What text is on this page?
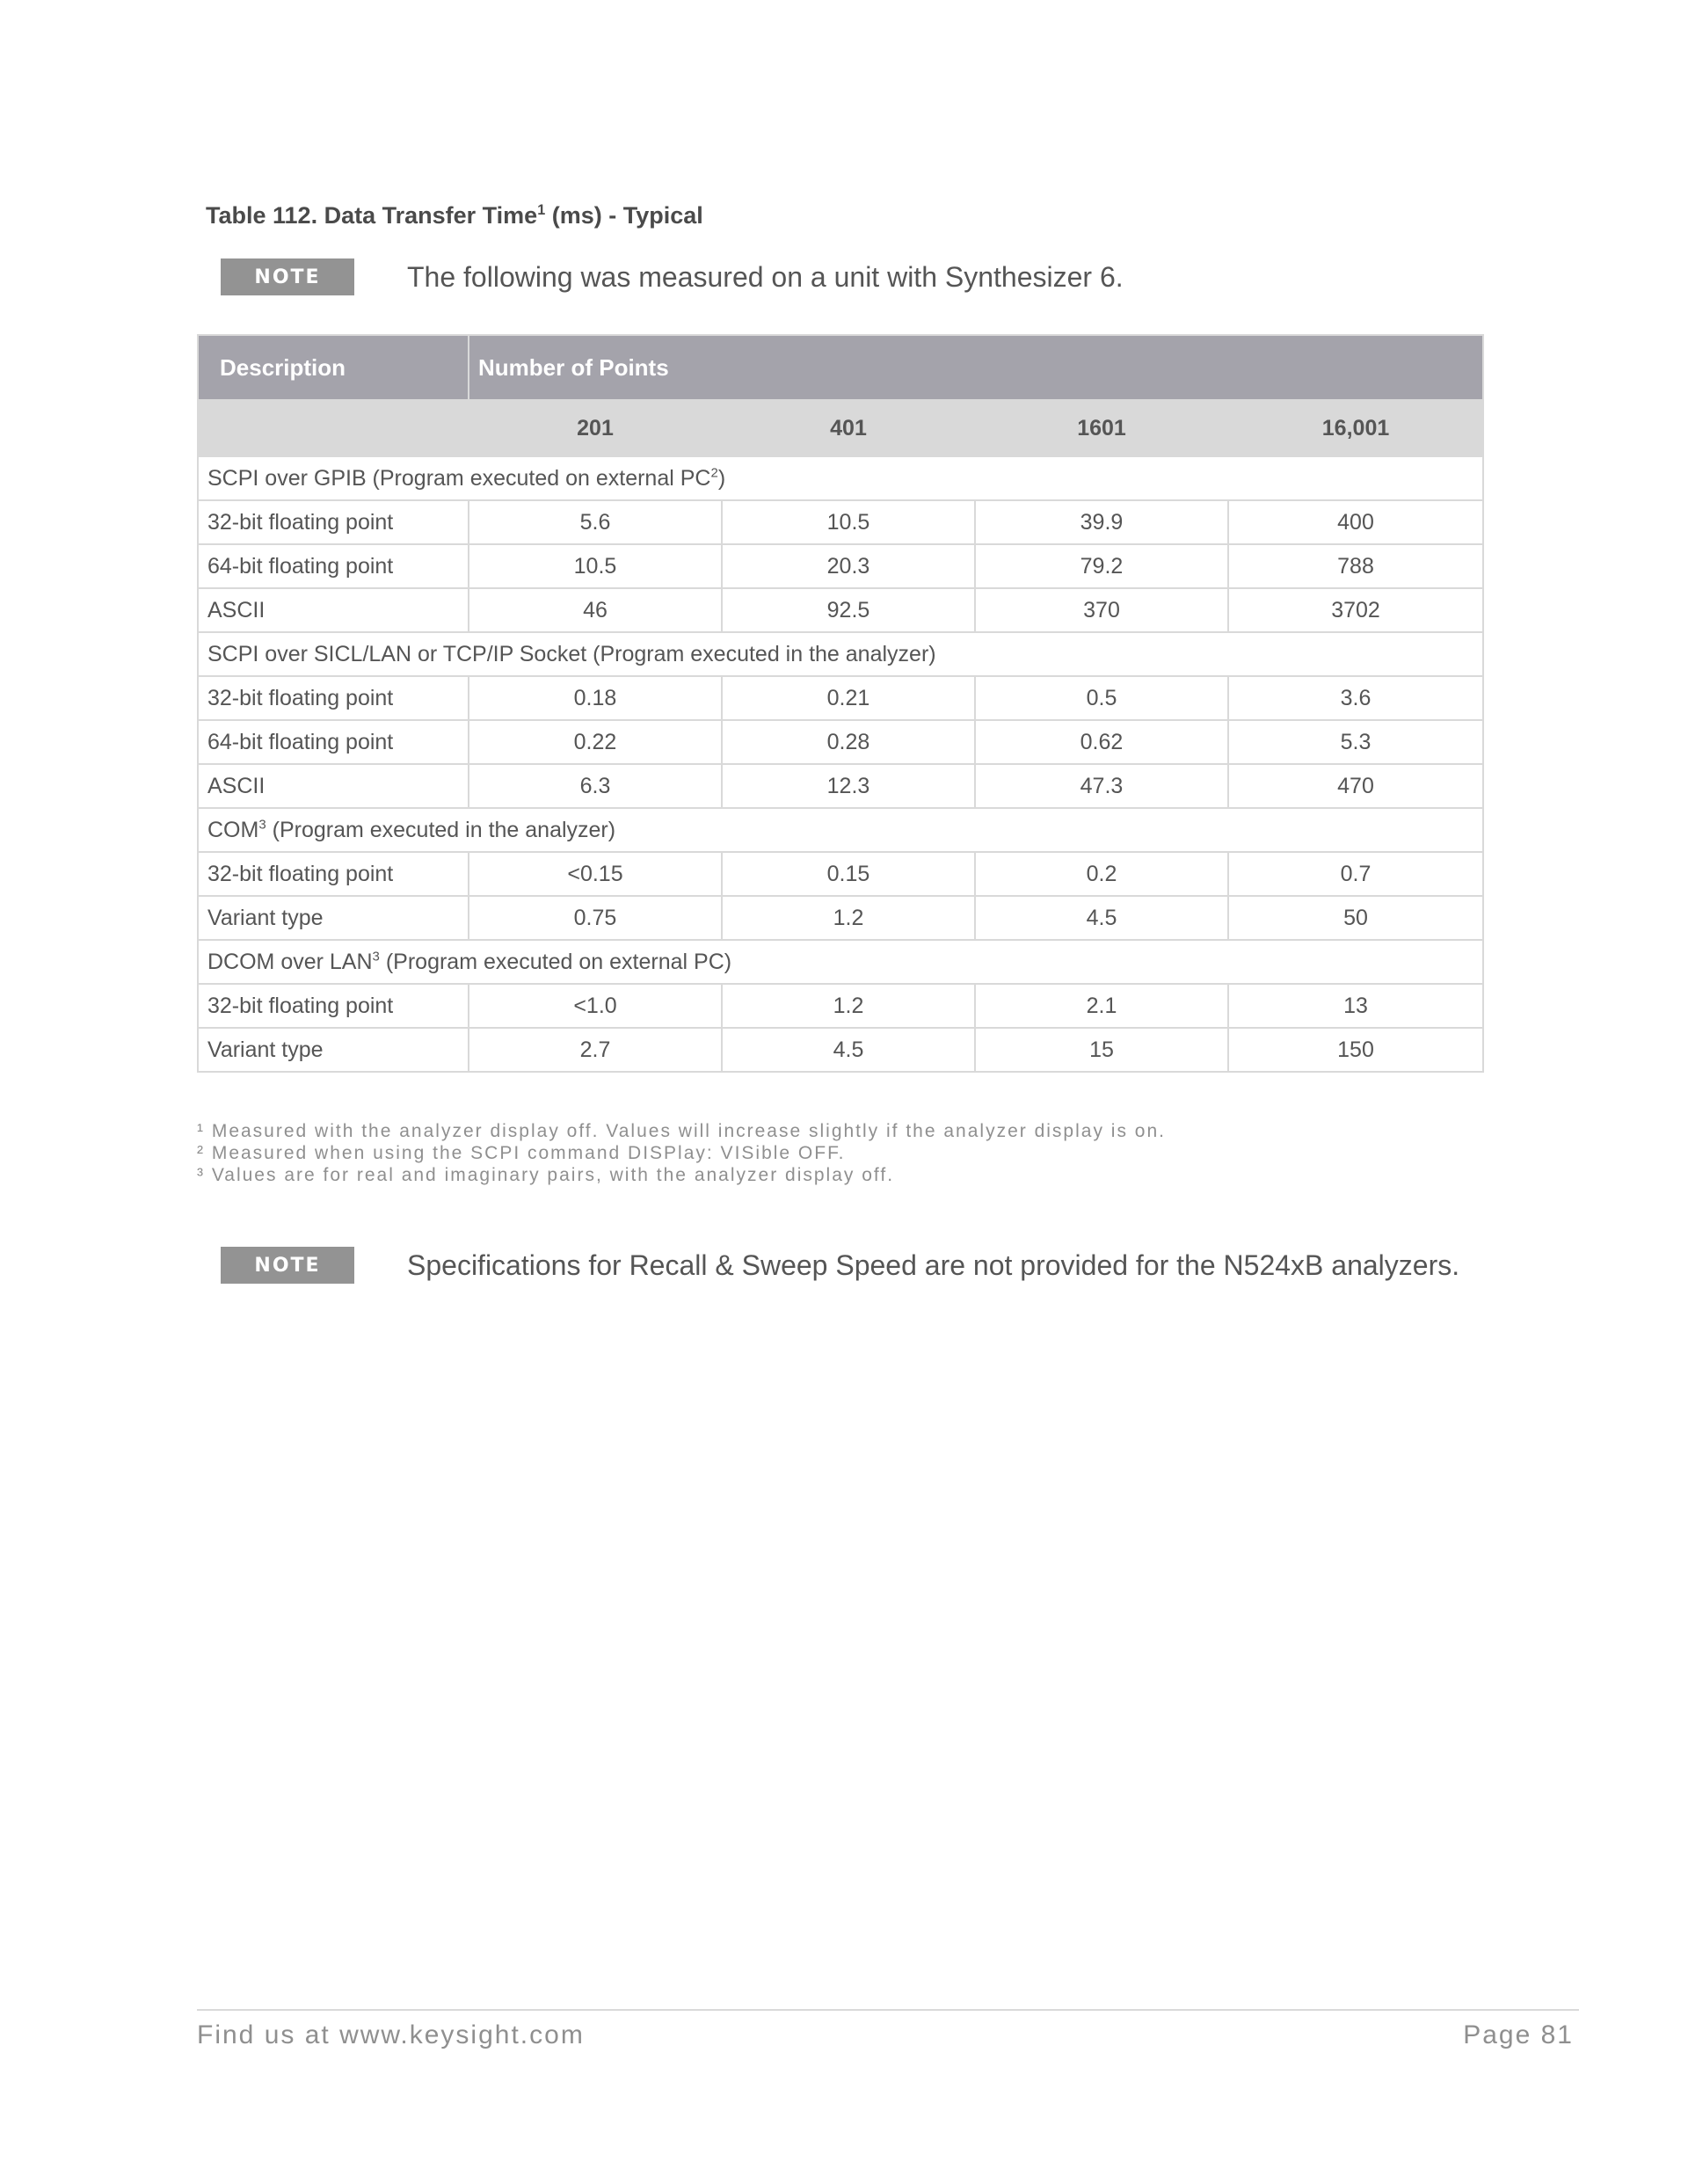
Table 112. Data Transfer Time$^1$ (ms) - Typical
NOTE	The following was measured on a unit with Synthesizer 6.
Description	Number of Points			
	201	401	1601	16,001
SCPI over GPIB (Program executed on external $PC^2$)				
32-bit floating point	5.6	10.5	39.9	400
64-bit floating point	10.5	20.3	79.2	788
ASCII	46	92.5	370	3702
SCPI over SICL/LAN or TCP/IP Socket (Program executed in the analyzer)				
32-bit floating point	0.18	0.21	0.5	3.6
64-bit floating point	0.22	0.28	0.62	5.3
ASCII	6.3	12.3	47.3	470
COM$^3$ (Program executed in the analyzer)				
32-bit floating point	<0.15	0.15	0.2	0.7
Variant type	0.75	1.2	4.5	50
DCOM over LAN$^3$ (Program executed on external PC)				
32-bit floating point	<1.0	1.2	2.1	13
Variant type	2.7	4.5	15	150
¹ Measured with the analyzer display off. Values will increase slightly if the analyzer display is on.
² Measured when using the SCPI command DISPlay: VISible OFF.
³ Values are for real and imaginary pairs, with the analyzer display off.
NOTE	Specifications for Recall & Sweep Speed are not provided for the N524xB analyzers.
Find us at www.keysight.com	Page 81
